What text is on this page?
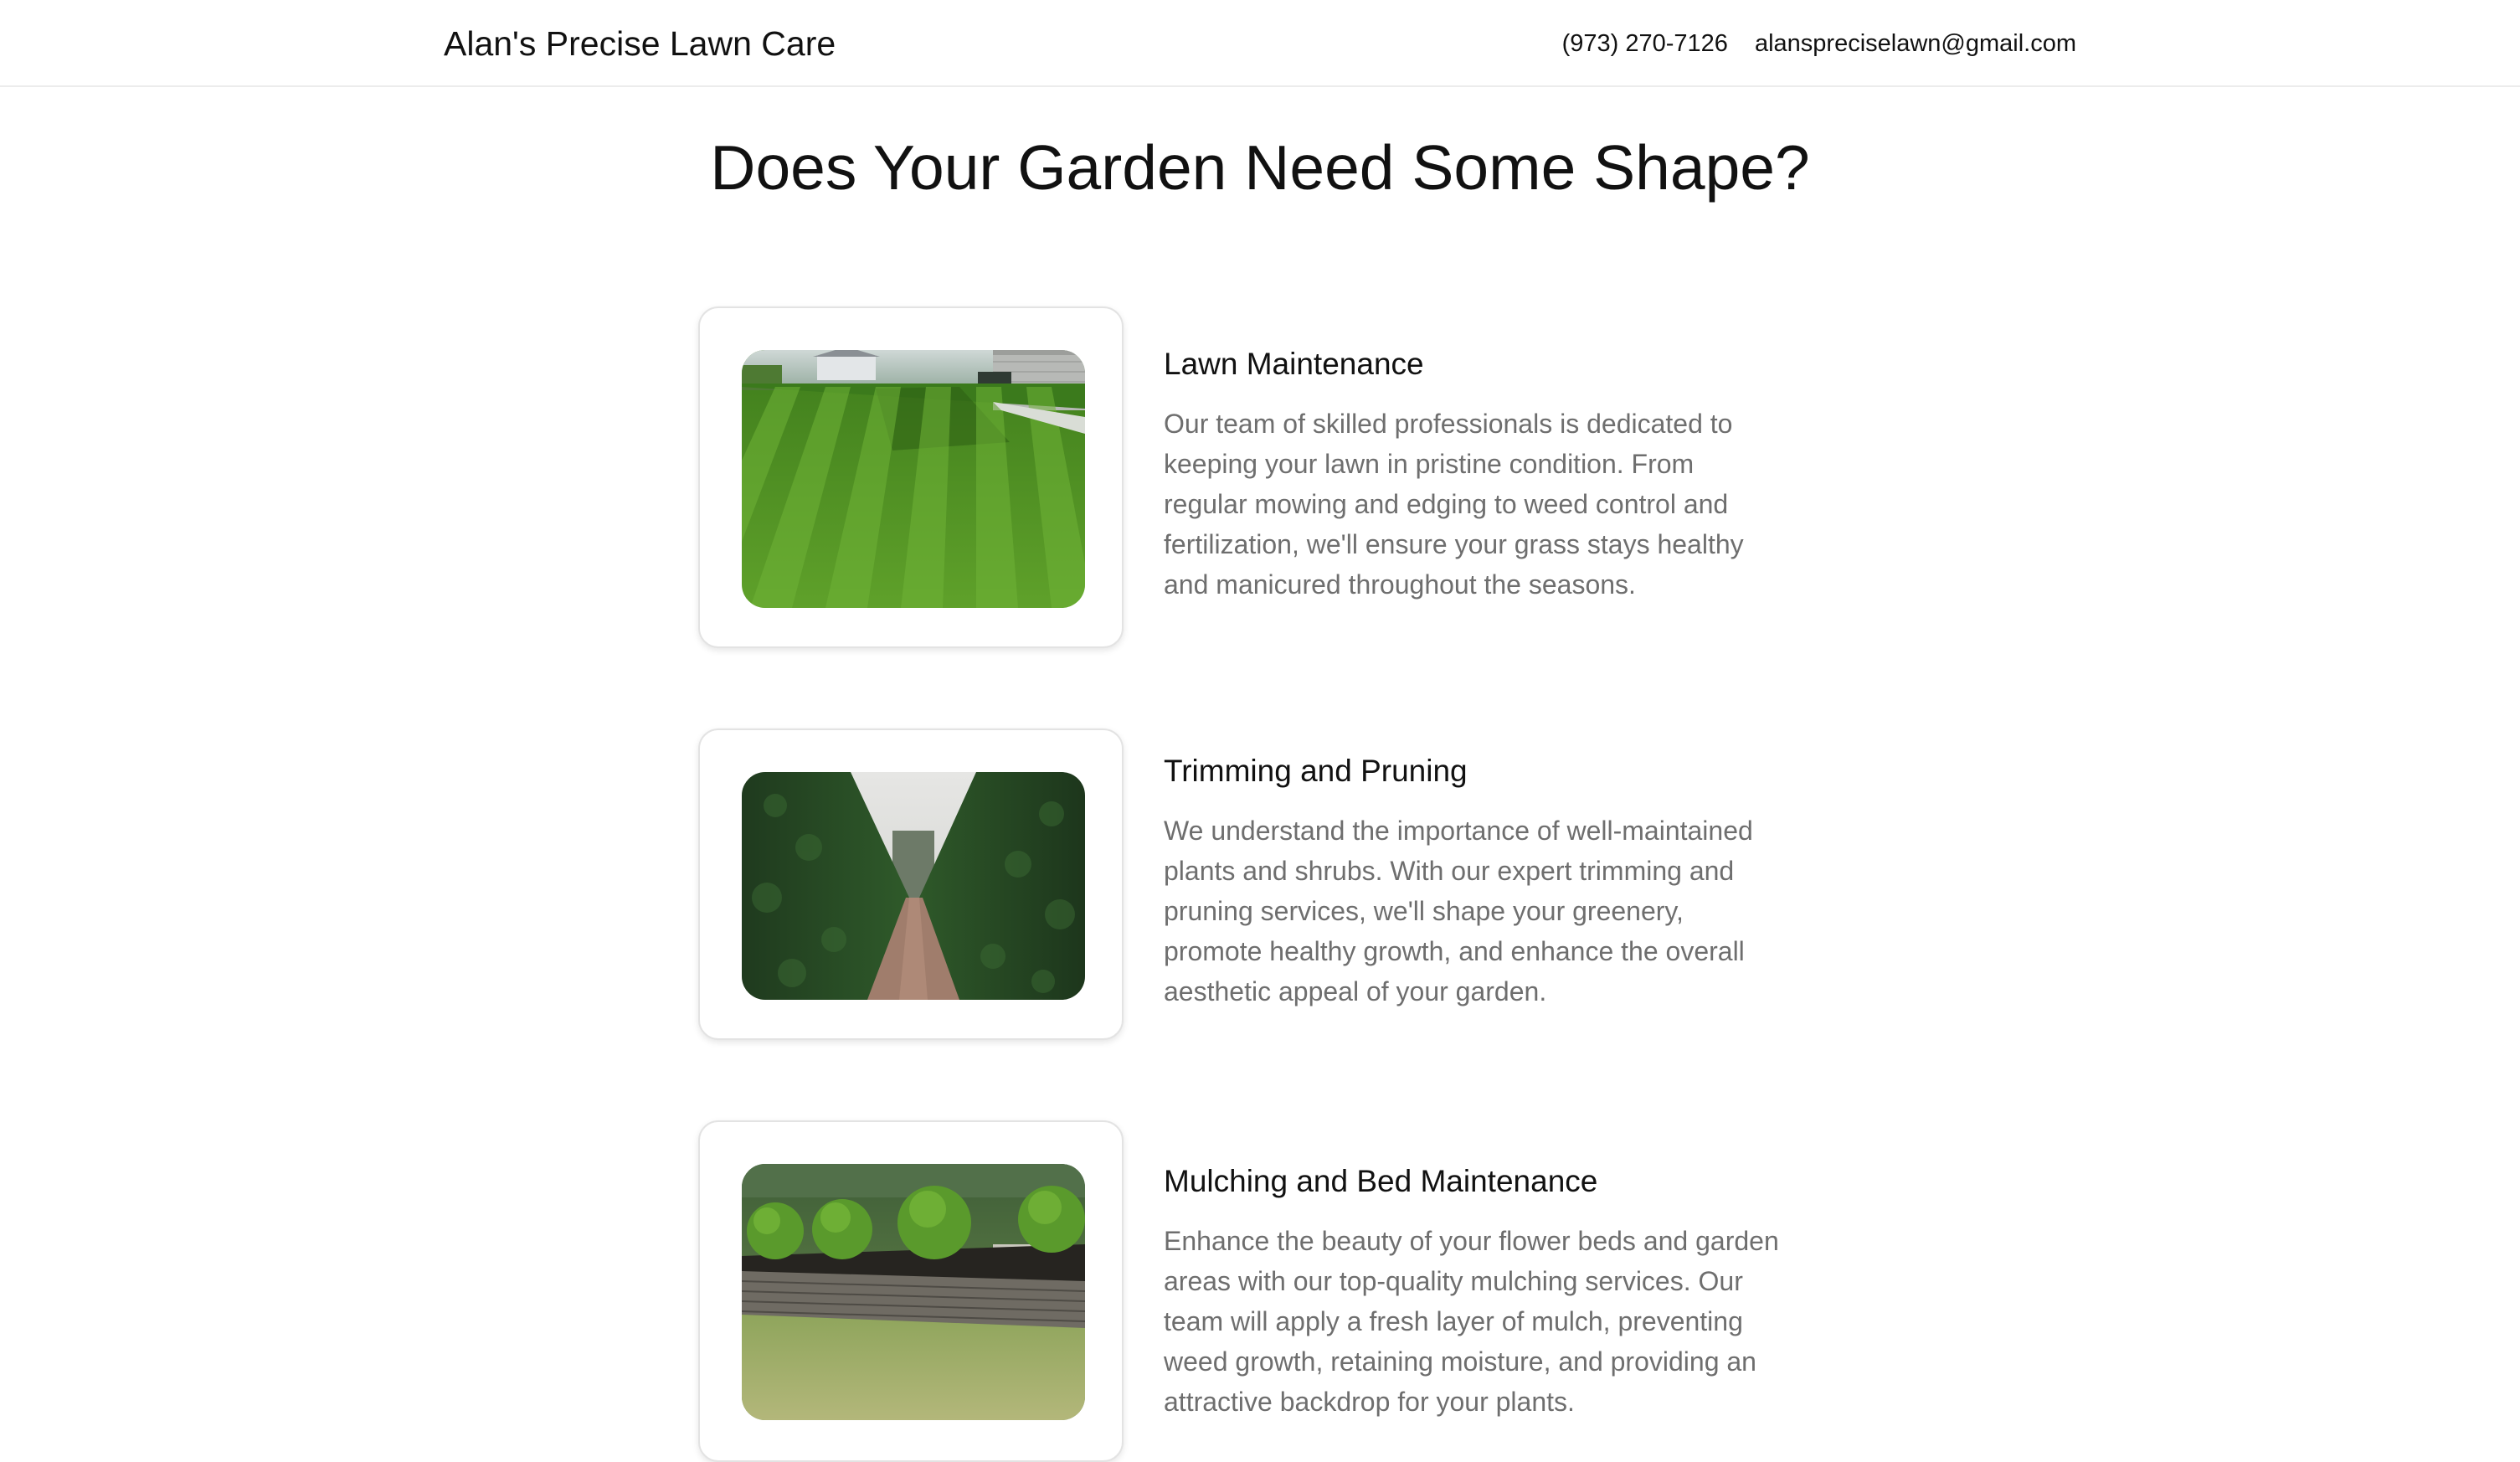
Alan's Precise Lawn Care	(973) 270-7126 alanspreciselawn@gmail.com
Does Your Garden Need Some Shape?
Lawn Maintenance

Our team of skilled professionals is dedicated to keeping your lawn in pristine condition. From regular mowing and edging to weed control and fertilization, we'll ensure your grass stays healthy and manicured throughout the seasons.

Trimming and Pruning

We understand the importance of well-maintained plants and shrubs. With our expert trimming and pruning services, we'll shape your greenery, promote healthy growth, and enhance the overall aesthetic appeal of your garden.

Mulching and Bed Maintenance

Enhance the beauty of your flower beds and garden areas with our top-quality mulching services. Our team will apply a fresh layer of mulch, preventing weed growth, retaining moisture, and providing an attractive backdrop for your plants.
